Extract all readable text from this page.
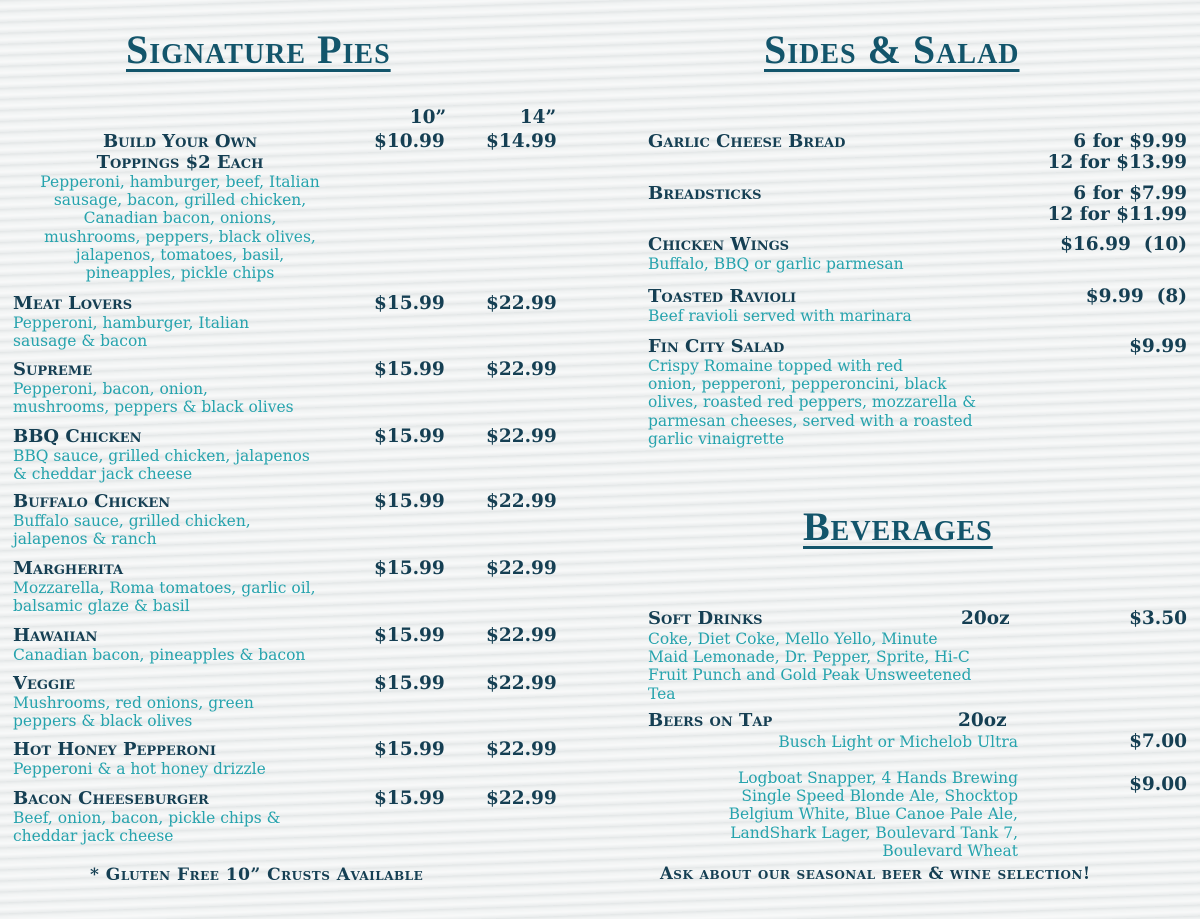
Signature Pies	Sides & Salad
Beverages
10”	14”
Build Your Own
Toppings $2 Each
Pepperoni, hamburger, beef, Italian
sausage, bacon, grilled chicken,
Canadian bacon, onions,
mushrooms, peppers, black olives,
jalapenos, tomatoes, basil,
pineapples, pickle chips
$10.99 $14.99
Meat Lovers
Pepperoni, hamburger, Italian
sausage & bacon
$15.99 $22.99
Supreme
Pepperoni, bacon, onion,
mushrooms, peppers & black olives
$15.99 $22.99
BBQ Chicken
BBQ sauce, grilled chicken, jalapenos
& cheddar jack cheese
$15.99 $22.99
Buffalo Chicken
Buffalo sauce, grilled chicken,
jalapenos & ranch
$15.99 $22.99
Margherita
Mozzarella, Roma tomatoes, garlic oil,
balsamic glaze & basil
$15.99 $22.99
Hawaiian
Canadian bacon, pineapples & bacon
$15.99 $22.99
Veggie
Mushrooms, red onions, green
peppers & black olives
$15.99 $22.99
Hot Honey Pepperoni
Pepperoni & a hot honey drizzle
$15.99 $22.99
Bacon Cheeseburger
Beef, onion, bacon, pickle chips &
cheddar jack cheese
$15.99 $22.99
* Gluten Free 10” Crusts Available
Garlic Cheese Bread	6 for $9.99
12 for $13.99
Breadsticks	6 for $7.99
12 for $11.99
Chicken Wings
Buffalo, BBQ or garlic parmesan
$16.99  (10)
Toasted Ravioli
Beef ravioli served with marinara
$9.99  (8)
Fin City Salad
Crispy Romaine topped with red
onion, pepperoni, pepperoncini, black
olives, roasted red peppers, mozzarella &
parmesan cheeses, served with a roasted
garlic vinaigrette
$9.99
Soft Drinks	20oz	$3.50
Coke, Diet Coke, Mello Yello, Minute
Maid Lemonade, Dr. Pepper, Sprite, Hi-C
Fruit Punch and Gold Peak Unsweetened
Tea
Beers on Tap	20oz
Busch Light or Michelob Ultra	$7.00
Logboat Snapper, 4 Hands Brewing
Single Speed Blonde Ale, Shocktop
Belgium White, Blue Canoe Pale Ale,
LandShark Lager, Boulevard Tank 7,
Boulevard Wheat
$9.00
Ask about our seasonal beer & wine selection!
